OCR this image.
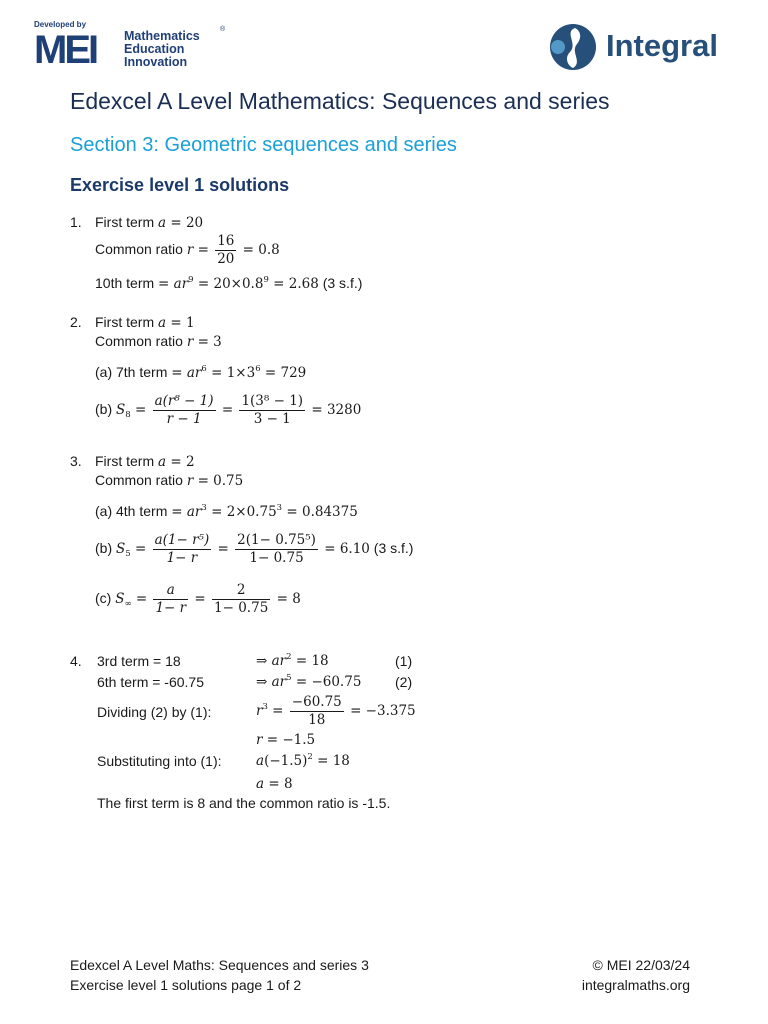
Developed by
MEI Mathematics
Education
Innovation
®	Integral
Edexcel A Level Mathematics: Sequences and series
Section 3: Geometric sequences and series
Exercise level 1 solutions
1. First term a = 20
Common ratio $r = \frac{16}{20} = 0.8$
10th term = $ar^9 = 20\times 0.8^9 = 2.68$ (3 s.f.)
2. First term a = 1
Common ratio r = 3
(a) 7th term = $ar^6 = 1\times 3^6 = 729$
(b) $S_8 = \frac{\text{a(r⁸ − 1)}}{r - 1} = \frac{\text{1(3⁸ − 1)}}{3 - 1} = 3280$
3. First term a = 2
Common ratio r = 0.75
(a) 4th term = $ar^3 = 2\times 0.75^3 = 0.84375$
(b) $S_5 = \frac{\text{a(1− r⁵)}}{1- r} = \frac{\text{2(1− 0.75⁵)}}{1- 0.75} = 6.10$ (3 s.f.)
(c) $S_\infty = \frac{a}{1- r} = \frac{2}{1- 0.75} = 8$
4. 3rd term = 18	⇒ $ar^2 = 18$	(1)
6th term = -60.75	⇒ $ar^5 = -60.75$ (2)
Dividing (2) by (1):	$r^3 = \frac{-60.75}{18} = -3.375$
r = −1.5
Substituting into (1):	$a(-1.5)^2 = 18$
a = 8
The first term is 8 and the common ratio is -1.5.
Edexcel A Level Maths: Sequences and series 3
Exercise level 1 solutions page 1 of 2
© MEI 22/03/24
integralmaths.org
